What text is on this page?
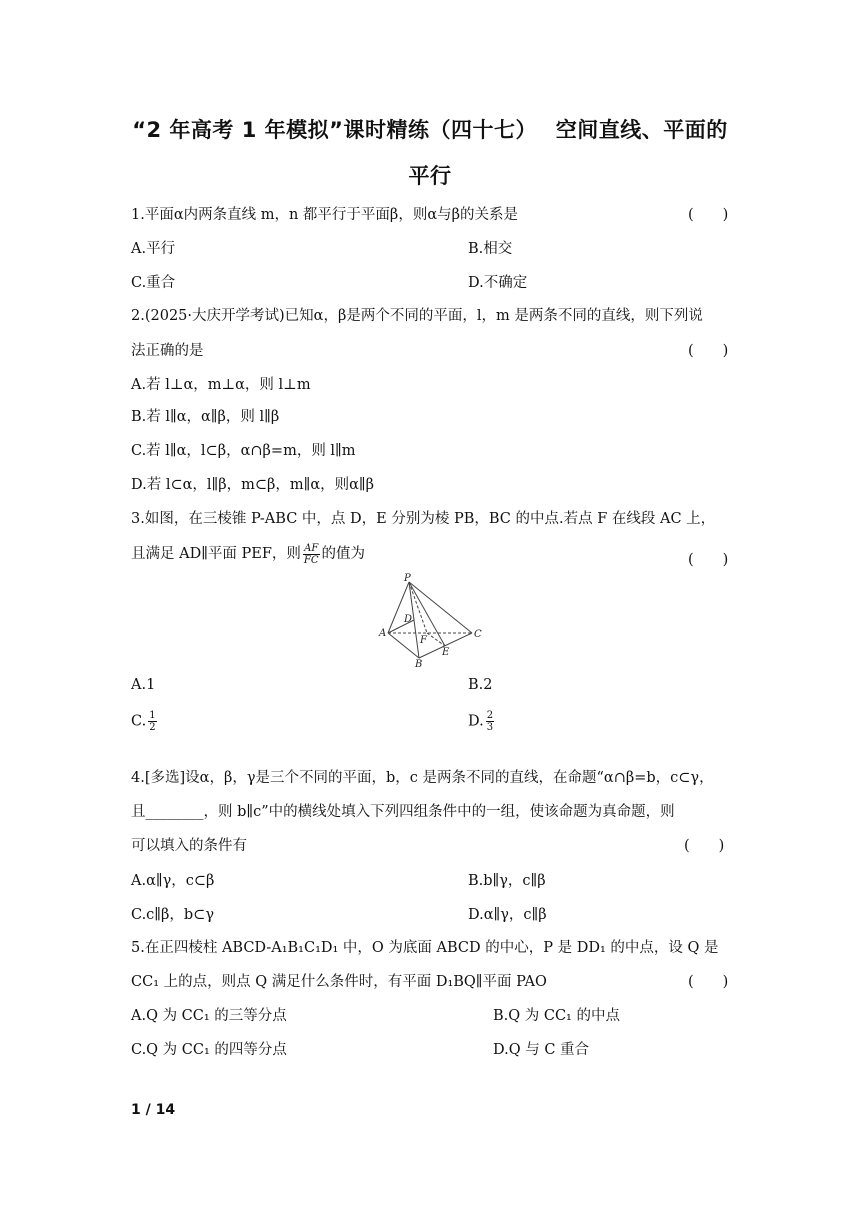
“2 年高考 1 年模拟”课时精练（四十七）　 空间直线、平面的
平行
1.平面α内两条直线 m，n 都平行于平面β，则α与β的关系是	(　　)
A.平行	B.相交
C.重合	D.不确定
2.(2025·大庆开学考试)已知α，β是两个不同的平面，l，m 是两条不同的直线，则下列说
法正确的是	(　　)
A.若 l⊥α，m⊥α，则 l⊥m
B.若 l∥α，α∥β，则 l∥β
C.若 l∥α，l⊂β，α∩β=m，则 l∥m
D.若 l⊂α，l∥β，m⊂β，m∥α，则α∥β
3.如图，在三棱锥 P-ABC 中，点 D，E 分别为棱 PB，BC 的中点.若点 F 在线段 AC 上，
且满足 AD∥平面 PEF，则 $\frac{AF}{FC}$ 的值为	(　　)
P
A
B
C
D
E
F
A.1	B.2
C. $\frac{1}{2}$	D. $\frac{2}{3}$
4.[多选]设α，β，γ是三个不同的平面，b，c 是两条不同的直线，在命题“α∩β=b，c⊂γ，
且________，则 b∥c”中的横线处填入下列四组条件中的一组，使该命题为真命题，则
可以填入的条件有	(　　)
A.α∥γ，c⊂β	B.b∥γ，c∥β
C.c∥β，b⊂γ	D.α∥γ，c∥β
5.在正四棱柱 ABCD-A₁B₁C₁D₁ 中，O 为底面 ABCD 的中心，P 是 DD₁ 的中点，设 Q 是
CC₁ 上的点，则点 Q 满足什么条件时，有平面 D₁BQ∥平面 PAO	(　　)
A.Q 为 CC₁ 的三等分点	B.Q 为 CC₁ 的中点
C.Q 为 CC₁ 的四等分点	D.Q 与 C 重合
1 / 14
